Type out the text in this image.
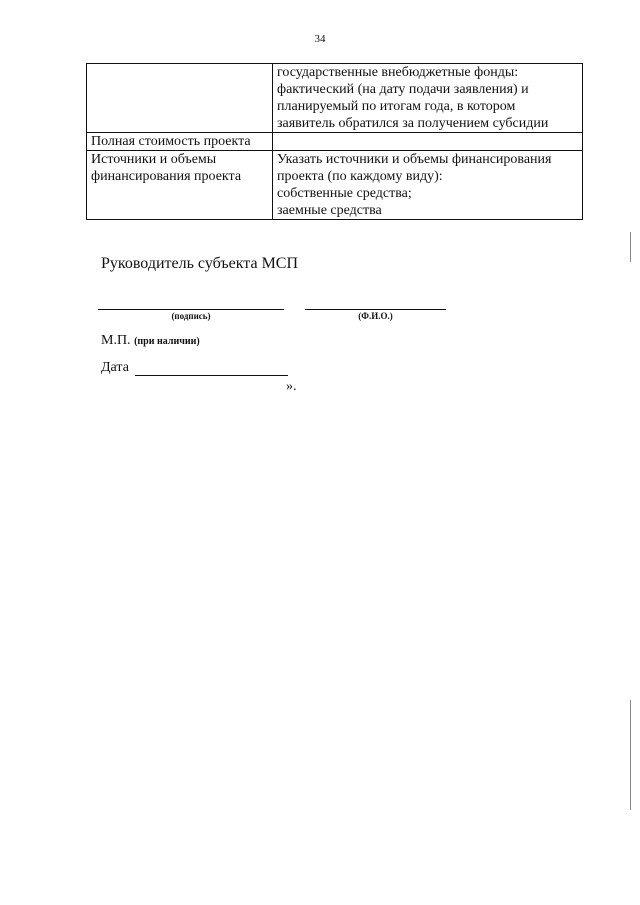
34

	государственные внебюджетные фонды:
фактический (на дату подачи заявления) и
планируемый по итогам года, в котором
заявитель обратился за получением субсидии

Полная стоимость проекта	

Источники и объемы
финансирования проекта	Указать источники и объемы финансирования
проекта (по каждому виду):
собственные средства;
заемные средства
Руководитель субъекта МСП
(подпись)	(Ф.И.О.)
М.П. (при наличии)
Дата
».
